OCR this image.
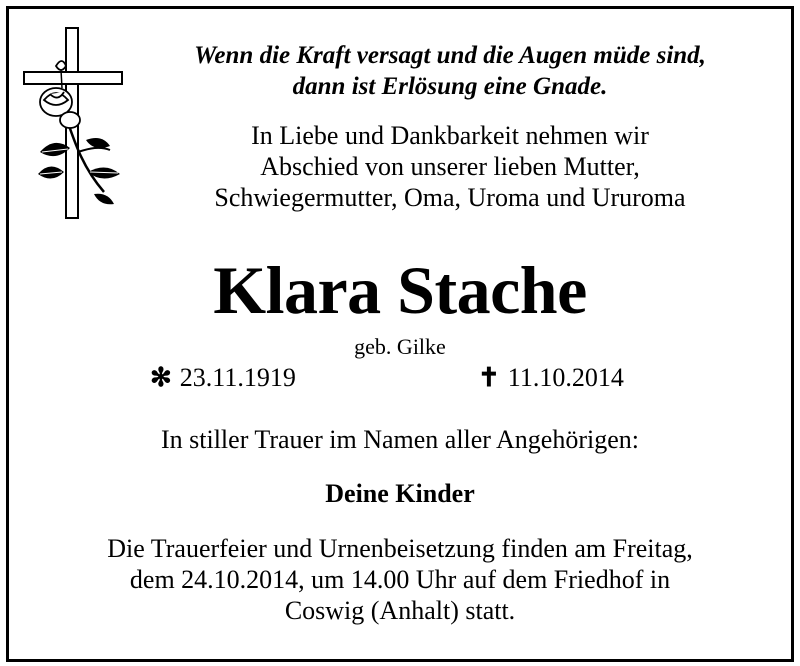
Wenn die Kraft versagt und die Augen müde sind,
dann ist Erlösung eine Gnade.
In Liebe und Dankbarkeit nehmen wir
Abschied von unserer lieben Mutter,
Schwiegermutter, Oma, Uroma und Ururoma
Klara Stache
geb. Gilke
✻ 23.11.1919	✝ 11.10.2014
In stiller Trauer im Namen aller Angehörigen:
Deine Kinder
Die Trauerfeier und Urnenbeisetzung finden am Freitag,
dem 24.10.2014, um 14.00 Uhr auf dem Friedhof in
Coswig (Anhalt) statt.
